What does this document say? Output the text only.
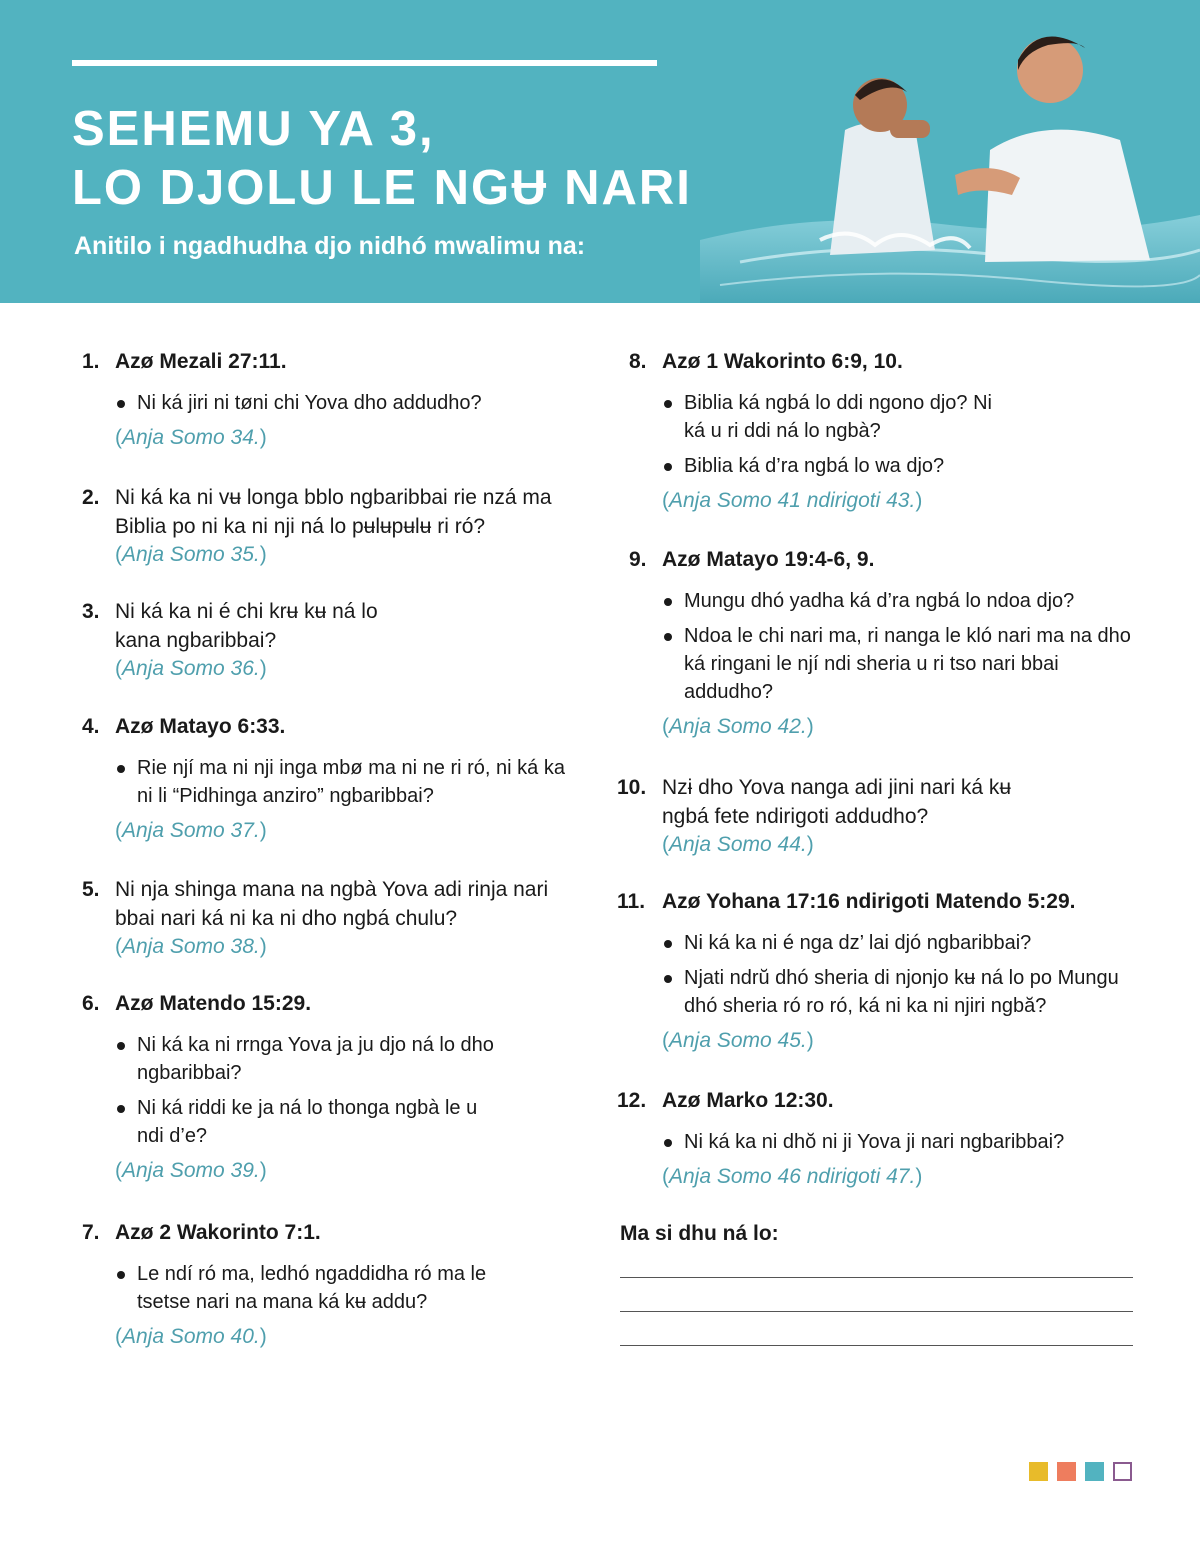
SEHEMU YA 3,
LO DJOLU LE NGɄ NARI
Anitilo i ngadhudha djo nidhó mwalimu na:
1. Azø Mezali 27:11.
Ni ká jiri ni tøni chi Yova dho addudho?
(Anja Somo 34.)
2. Ni ká ka ni vʉ longa bblo ngbaribbai rie nzá ma Biblia po ni ka ni nji ná lo pʉlʉpʉlʉ ri ró?
(Anja Somo 35.)
3. Ni ká ka ni é chi krʉ kʉ ná lo kana ngbaribbai?
(Anja Somo 36.)
4. Azø Matayo 6:33.
Rie njí ma ni nji inga mbø ma ni ne ri ró, ni ká ka ni li “Pidhinga anziro” ngbaribbai?
(Anja Somo 37.)
5. Ni nja shinga mana na ngbà Yova adi rinja nari bbai nari ká ni ka ni dho ngbá chulu?
(Anja Somo 38.)
6. Azø Matendo 15:29.
Ni ká ka ni rrnga Yova ja ju djo ná lo dho ngbaribbai?
Ni ká riddi ke ja ná lo thonga ngbà le u ndi d’e?
(Anja Somo 39.)
7. Azø 2 Wakorinto 7:1.
Le ndí ró ma, ledhó ngaddidha ró ma le tsetse nari na mana ká kʉ addu?
(Anja Somo 40.)
8. Azø 1 Wakorinto 6:9, 10.
Biblia ká ngbá lo ddi ngono djo? Ni ká u ri ddi ná lo ngbà?
Biblia ká d’ra ngbá lo wa djo?
(Anja Somo 41 ndirigoti 43.)
9. Azø Matayo 19:4-6, 9.
Mungu dhó yadha ká d’ra ngbá lo ndoa djo?
Ndoa le chi nari ma, ri nanga le kló nari ma na dho ká ringani le njí ndi sheria u ri tso nari bbai addudho?
(Anja Somo 42.)
10. Nzɨ dho Yova nanga adi jini nari ká kʉ ngbá fete ndirigoti addudho?
(Anja Somo 44.)
11. Azø Yohana 17:16 ndirigoti Matendo 5:29.
Ni ká ka ni é nga dz’ lai djó ngbaribbai?
Njati ndrŭ dhó sheria di njonjo kʉ ná lo po Mungu dhó sheria ró ro ró, ká ni ka ni njiri ngbă?
(Anja Somo 45.)
12. Azø Marko 12:30.
Ni ká ka ni dhŏ ni ji Yova ji nari ngbaribbai?
(Anja Somo 46 ndirigoti 47.)
Ma si dhu ná lo:
